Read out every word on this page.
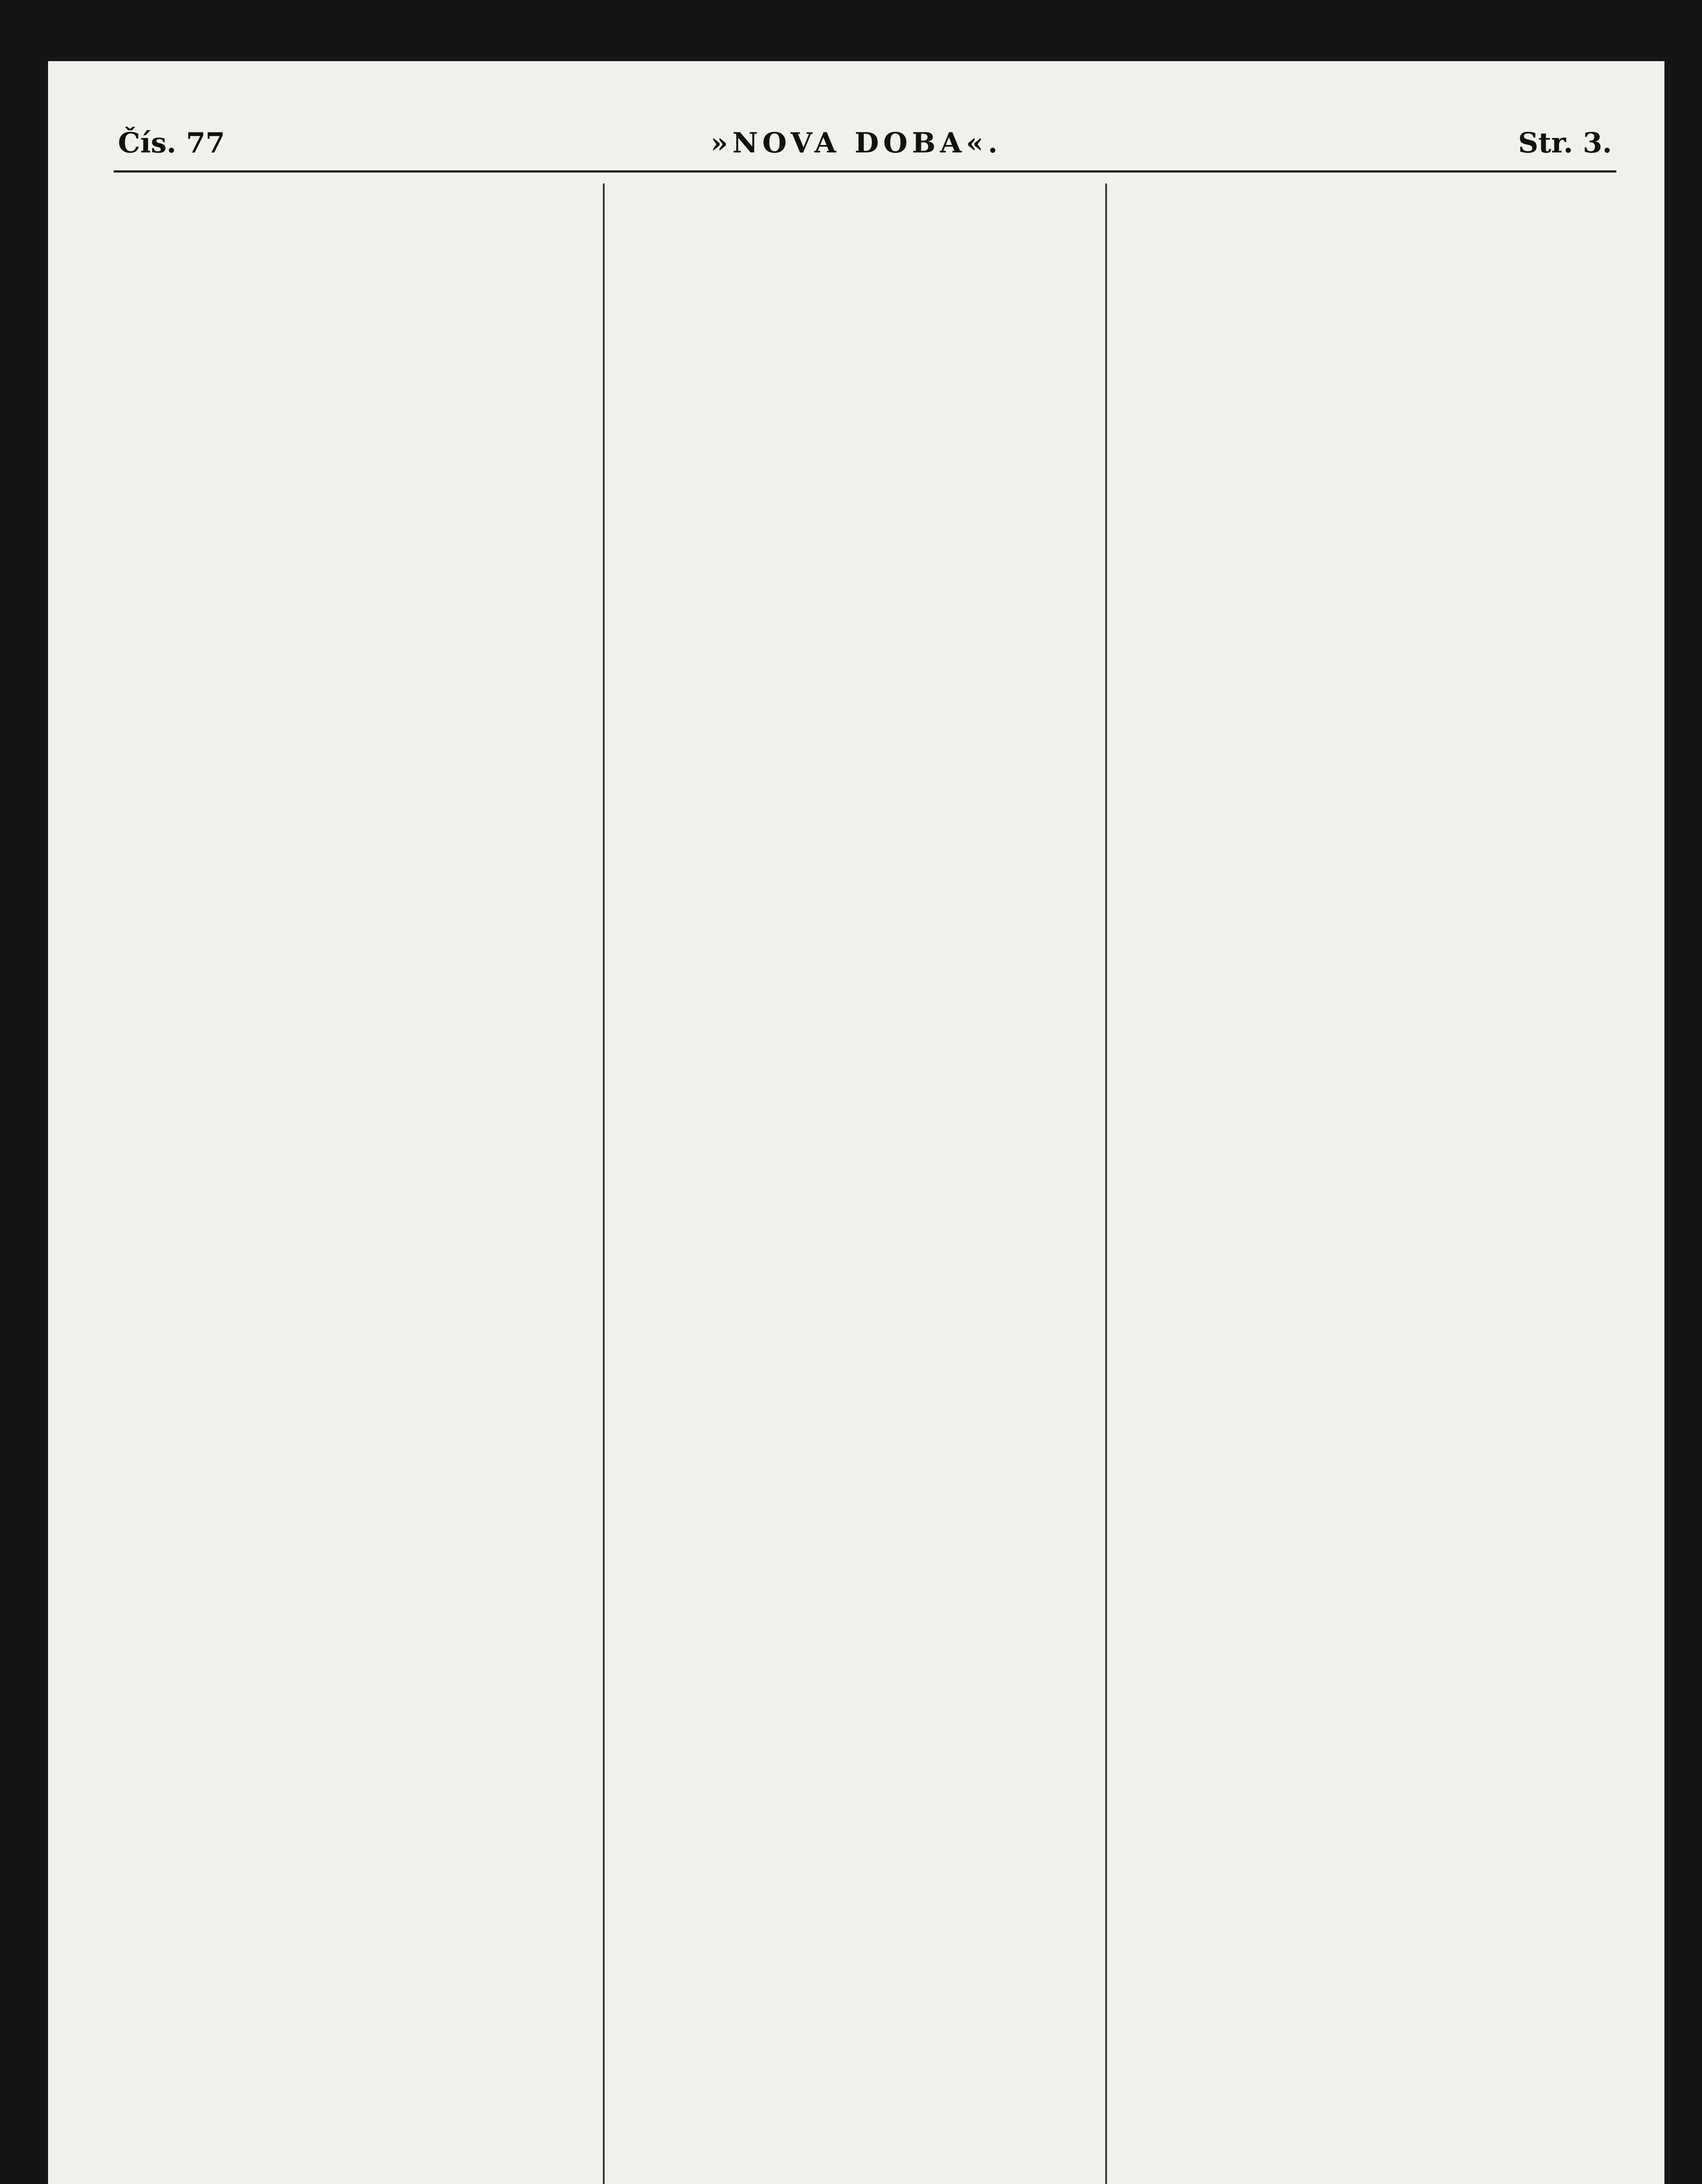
Čís. 77	»NOVA DOBA«.	Str. 3.
